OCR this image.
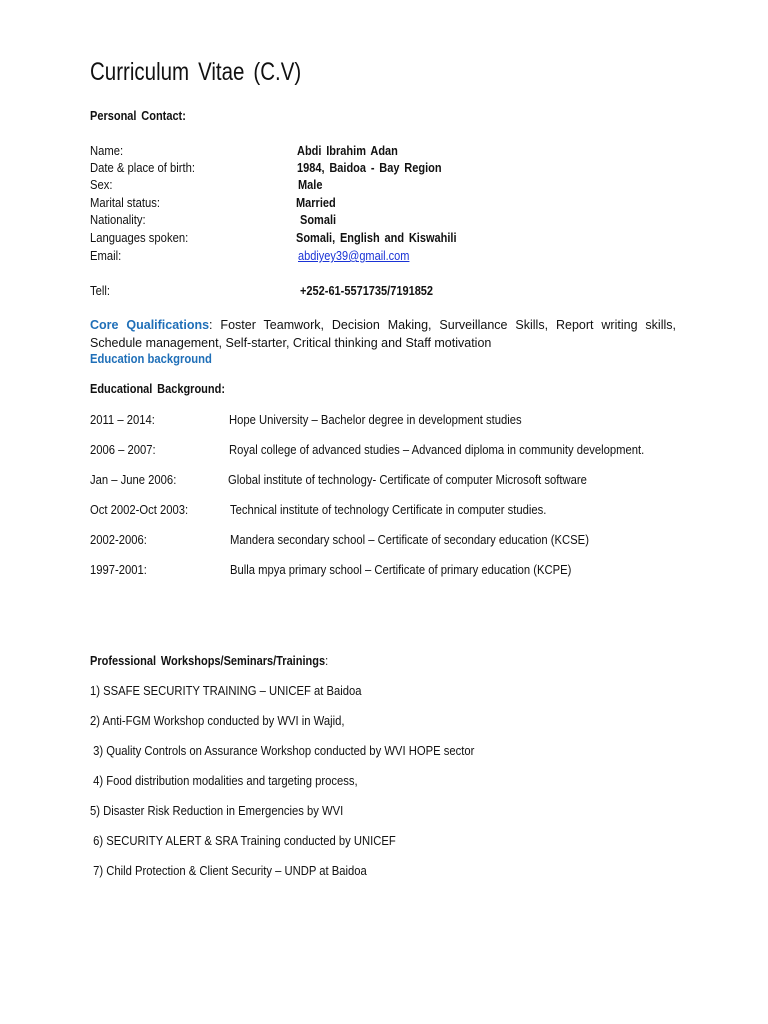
Curriculum Vitae (C.V)
Personal Contact:
Name:	Abdi Ibrahim Adan
Date & place of birth:	1984, Baidoa - Bay Region
Sex:	Male
Marital status:	Married
Nationality:	Somali
Languages spoken:	Somali, English and Kiswahili
Email:	abdiyey39@gmail.com
Tell:	+252-61-5571735/7191852
Core Qualifications: Foster Teamwork, Decision Making, Surveillance Skills, Report writing skills, Schedule management, Self-starter, Critical thinking and Staff motivation
Education background
Educational Background:
2011 – 2014:	Hope University – Bachelor degree in development studies
2006 – 2007:	Royal college of advanced studies – Advanced diploma in community development.
Jan – June 2006:	Global institute of technology- Certificate of computer Microsoft software
Oct 2002-Oct 2003:	Technical institute of technology Certificate in computer studies.
2002-2006:	Mandera secondary school – Certificate of secondary education (KCSE)
1997-2001:	Bulla mpya primary school – Certificate of primary education (KCPE)
Professional Workshops/Seminars/Trainings:
1) SSAFE SECURITY TRAINING – UNICEF at Baidoa
2) Anti-FGM Workshop conducted by WVI in Wajid,
3) Quality Controls on Assurance Workshop conducted by WVI HOPE sector
4) Food distribution modalities and targeting process,
5) Disaster Risk Reduction in Emergencies by WVI
6) SECURITY ALERT & SRA Training conducted by UNICEF
7) Child Protection & Client Security – UNDP at Baidoa
